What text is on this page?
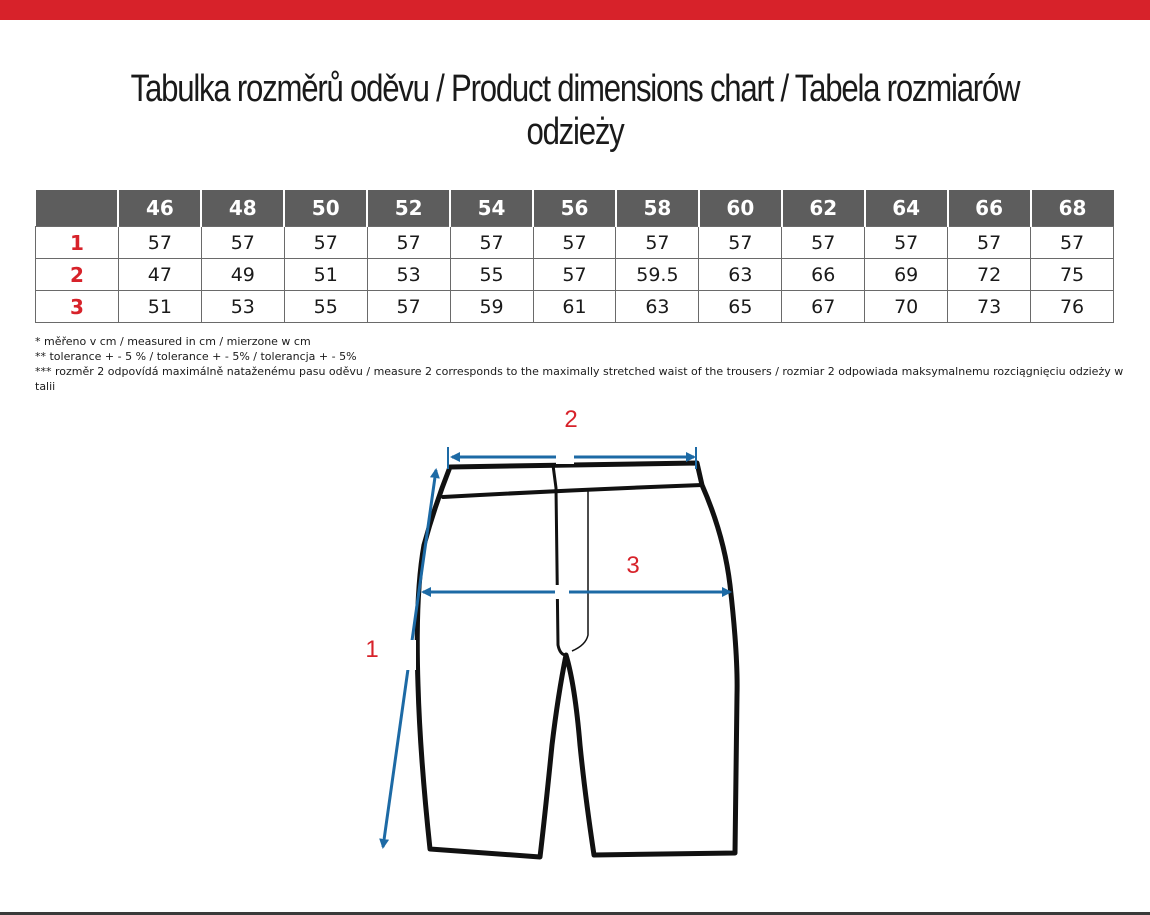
Tabulka rozměrů oděvu / Product dimensions chart / Tabela rozmiarów odzieży
	46	48	50	52	54	56	58	60	62	64	66	68
1	57	57	57	57	57	57	57	57	57	57	57	57
2	47	49	51	53	55	57	59.5	63	66	69	72	75
3	51	53	55	57	59	61	63	65	67	70	73	76
* měřeno v cm / measured in cm / mierzone w cm
** tolerance + - 5 % / tolerance + - 5% / tolerancja + - 5%
*** rozměr 2 odpovídá maximálně nataženému pasu oděvu / measure 2 corresponds to the maximally stretched waist of the trousers / rozmiar 2 odpowiada maksymalnemu rozciągnięciu odzieży w talii
2
3
1
